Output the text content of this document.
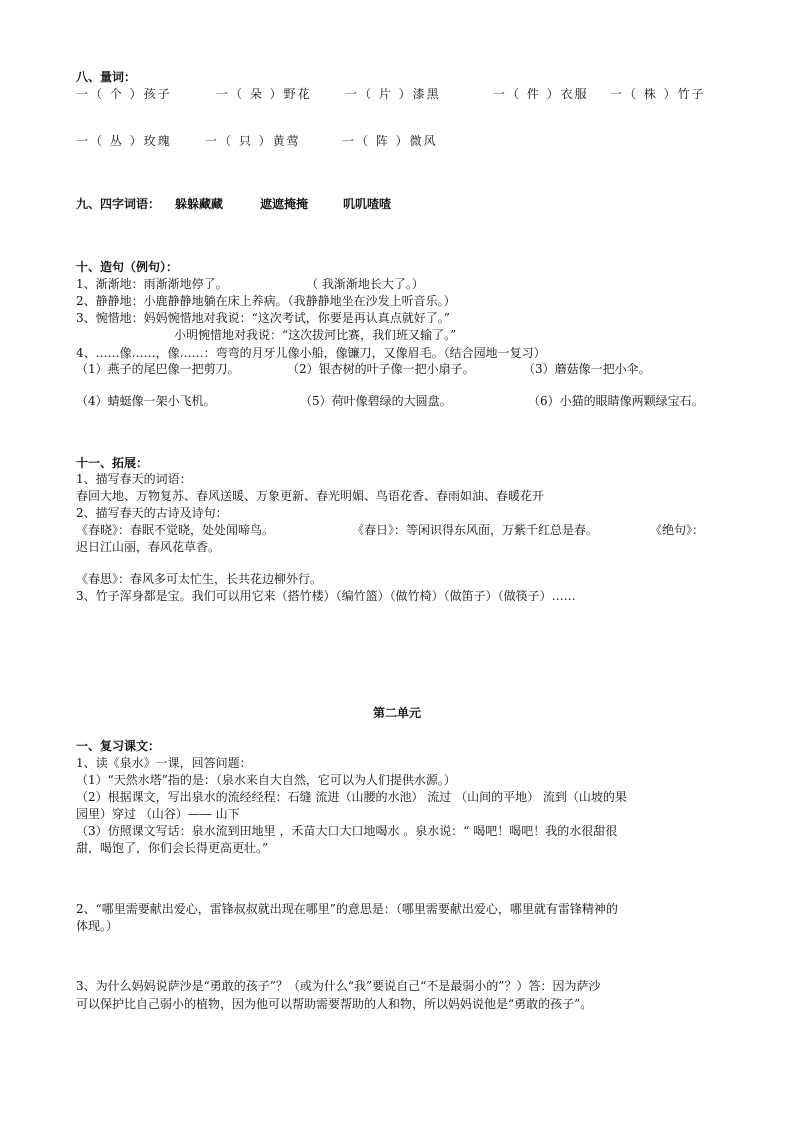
八、量词：
一（ 个 ）孩子	一（ 朵 ）野花	一（ 片 ）漆黑	一（ 件 ）衣服 一（ 株 ）竹子
一（ 丛 ）玫瑰	一（ 只 ）黄莺	一（ 阵 ）微风
九、四字词语： 躲躲藏藏	遮遮掩掩	叽叽喳喳
十、造句（例句）：
1、渐渐地：雨渐渐地停了。	（ 我渐渐地长大了。）
2、静静地：小鹿静静地躺在床上养病。（我静静地坐在沙发上听音乐。）
3、惋惜地：妈妈惋惜地对我说：“这次考试，你要是再认真点就好了。”
小明惋惜地对我说：“这次拔河比赛，我们班又输了。”
4、……像……，像……：弯弯的月牙儿像小船，像镰刀，又像眉毛。（结合园地一复习）
（1）燕子的尾巴像一把剪刀。	（2）银杏树的叶子像一把小扇子。	（3）蘑菇像一把小伞。
（4）蜻蜓像一架小飞机。	（5）荷叶像碧绿的大圆盘。	（6）小猫的眼睛像两颗绿宝石。
十一、拓展：
1、描写春天的词语：
春回大地、万物复苏、春风送暖、万象更新、春光明媚、鸟语花香、春雨如油、春暖花开
2、描写春天的古诗及诗句：
《春晓》：春眠不觉晓，处处闻啼鸟。	《春日》：等闲识得东风面，万紫千红总是春。	《绝句》：
迟日江山丽，春风花草香。
《春思》：春风多可太忙生，长共花边柳外行。
3、竹子浑身都是宝。我们可以用它来（搭竹楼）（编竹篮）（做竹椅）（做笛子）（做筷子）……
第二单元
一、复习课文：
1、读《泉水》一课，回答问题：
（1）“天然水塔”指的是：（泉水来自大自然，它可以为人们提供水源。）
（2）根据课文，写出泉水的流经经程：石缝 流进（山腰的水池） 流过 （山间的平地） 流到（山坡的果
园里）穿过 （山谷）—— 山下
（3）仿照课文写话：泉水流到田地里 ，禾苗大口大口地喝水 。泉水说：“ 喝吧！喝吧！我的水很甜很
甜，喝饱了，你们会长得更高更壮。”
2、“哪里需要献出爱心，雷锋叔叔就出现在哪里”的意思是：（哪里需要献出爱心，哪里就有雷锋精神的
体现。）
3、为什么妈妈说萨沙是“勇敢的孩子”？（或为什么“我”要说自己“不是最弱小的”？）答：因为萨沙
可以保护比自己弱小的植物，因为他可以帮助需要帮助的人和物，所以妈妈说他是“勇敢的孩子”。
